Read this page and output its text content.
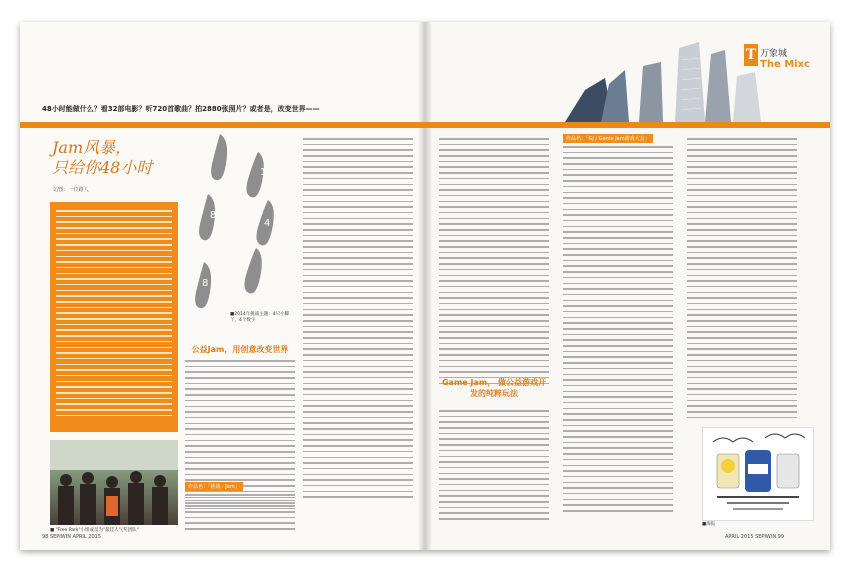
48小时能做什么？看32部电影？听720首歌曲？拍2880张照片？或者是，改变世界——
Jam风暴，
只给你48小时
文/图：一位路人
1
8
4
8
■2014年挑战主题：4只小脚丫，4个数字
公益Jam，用创意改变世界
作品名：「挑战 · Jam」
■ "Free Park"小组成员为"最佳人气奖团队"
98 SEPIWIN APRIL 2015
Game Jam， 做公益游戏开发的纯粹玩法
作品名：「GJ / Game Jam游戏大会」
APRIL 2015 SEPIWIN 99
T 万象城
The Mixc
■海报
